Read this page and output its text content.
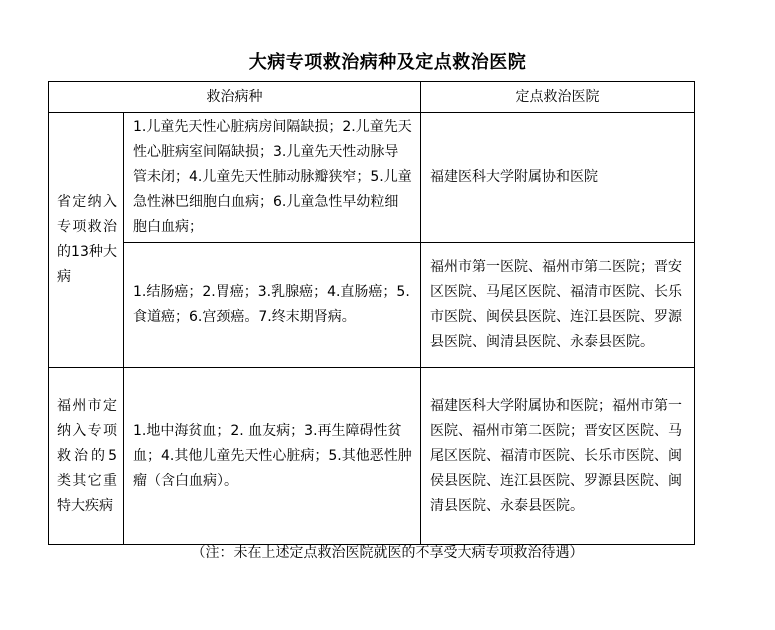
大病专项救治病种及定点救治医院
救治病种		定点救治医院
省定纳入专项救治的13种大病	1.儿童先天性心脏病房间隔缺损；2.儿童先天性心脏病室间隔缺损；3.儿童先天性动脉导管未闭；4.儿童先天性肺动脉瓣狭窄；5.儿童急性淋巴细胞白血病；6.儿童急性早幼粒细胞白血病；	福建医科大学附属协和医院
	1.结肠癌；2.胃癌；3.乳腺癌；4.直肠癌；5.食道癌；6.宫颈癌。7.终末期肾病。	福州市第一医院、福州市第二医院；晋安区医院、马尾区医院、福清市医院、长乐市医院、闽侯县医院、连江县医院、罗源县医院、闽清县医院、永泰县医院。
福州市定纳入专项救治的5类其它重特大疾病	1.地中海贫血；2. 血友病；3.再生障碍性贫血；4.其他儿童先天性心脏病；5.其他恶性肿瘤（含白血病）。	福建医科大学附属协和医院；福州市第一医院、福州市第二医院；晋安区医院、马尾区医院、福清市医院、长乐市医院、闽侯县医院、连江县医院、罗源县医院、闽清县医院、永泰县医院。
（注：未在上述定点救治医院就医的不享受大病专项救治待遇）
